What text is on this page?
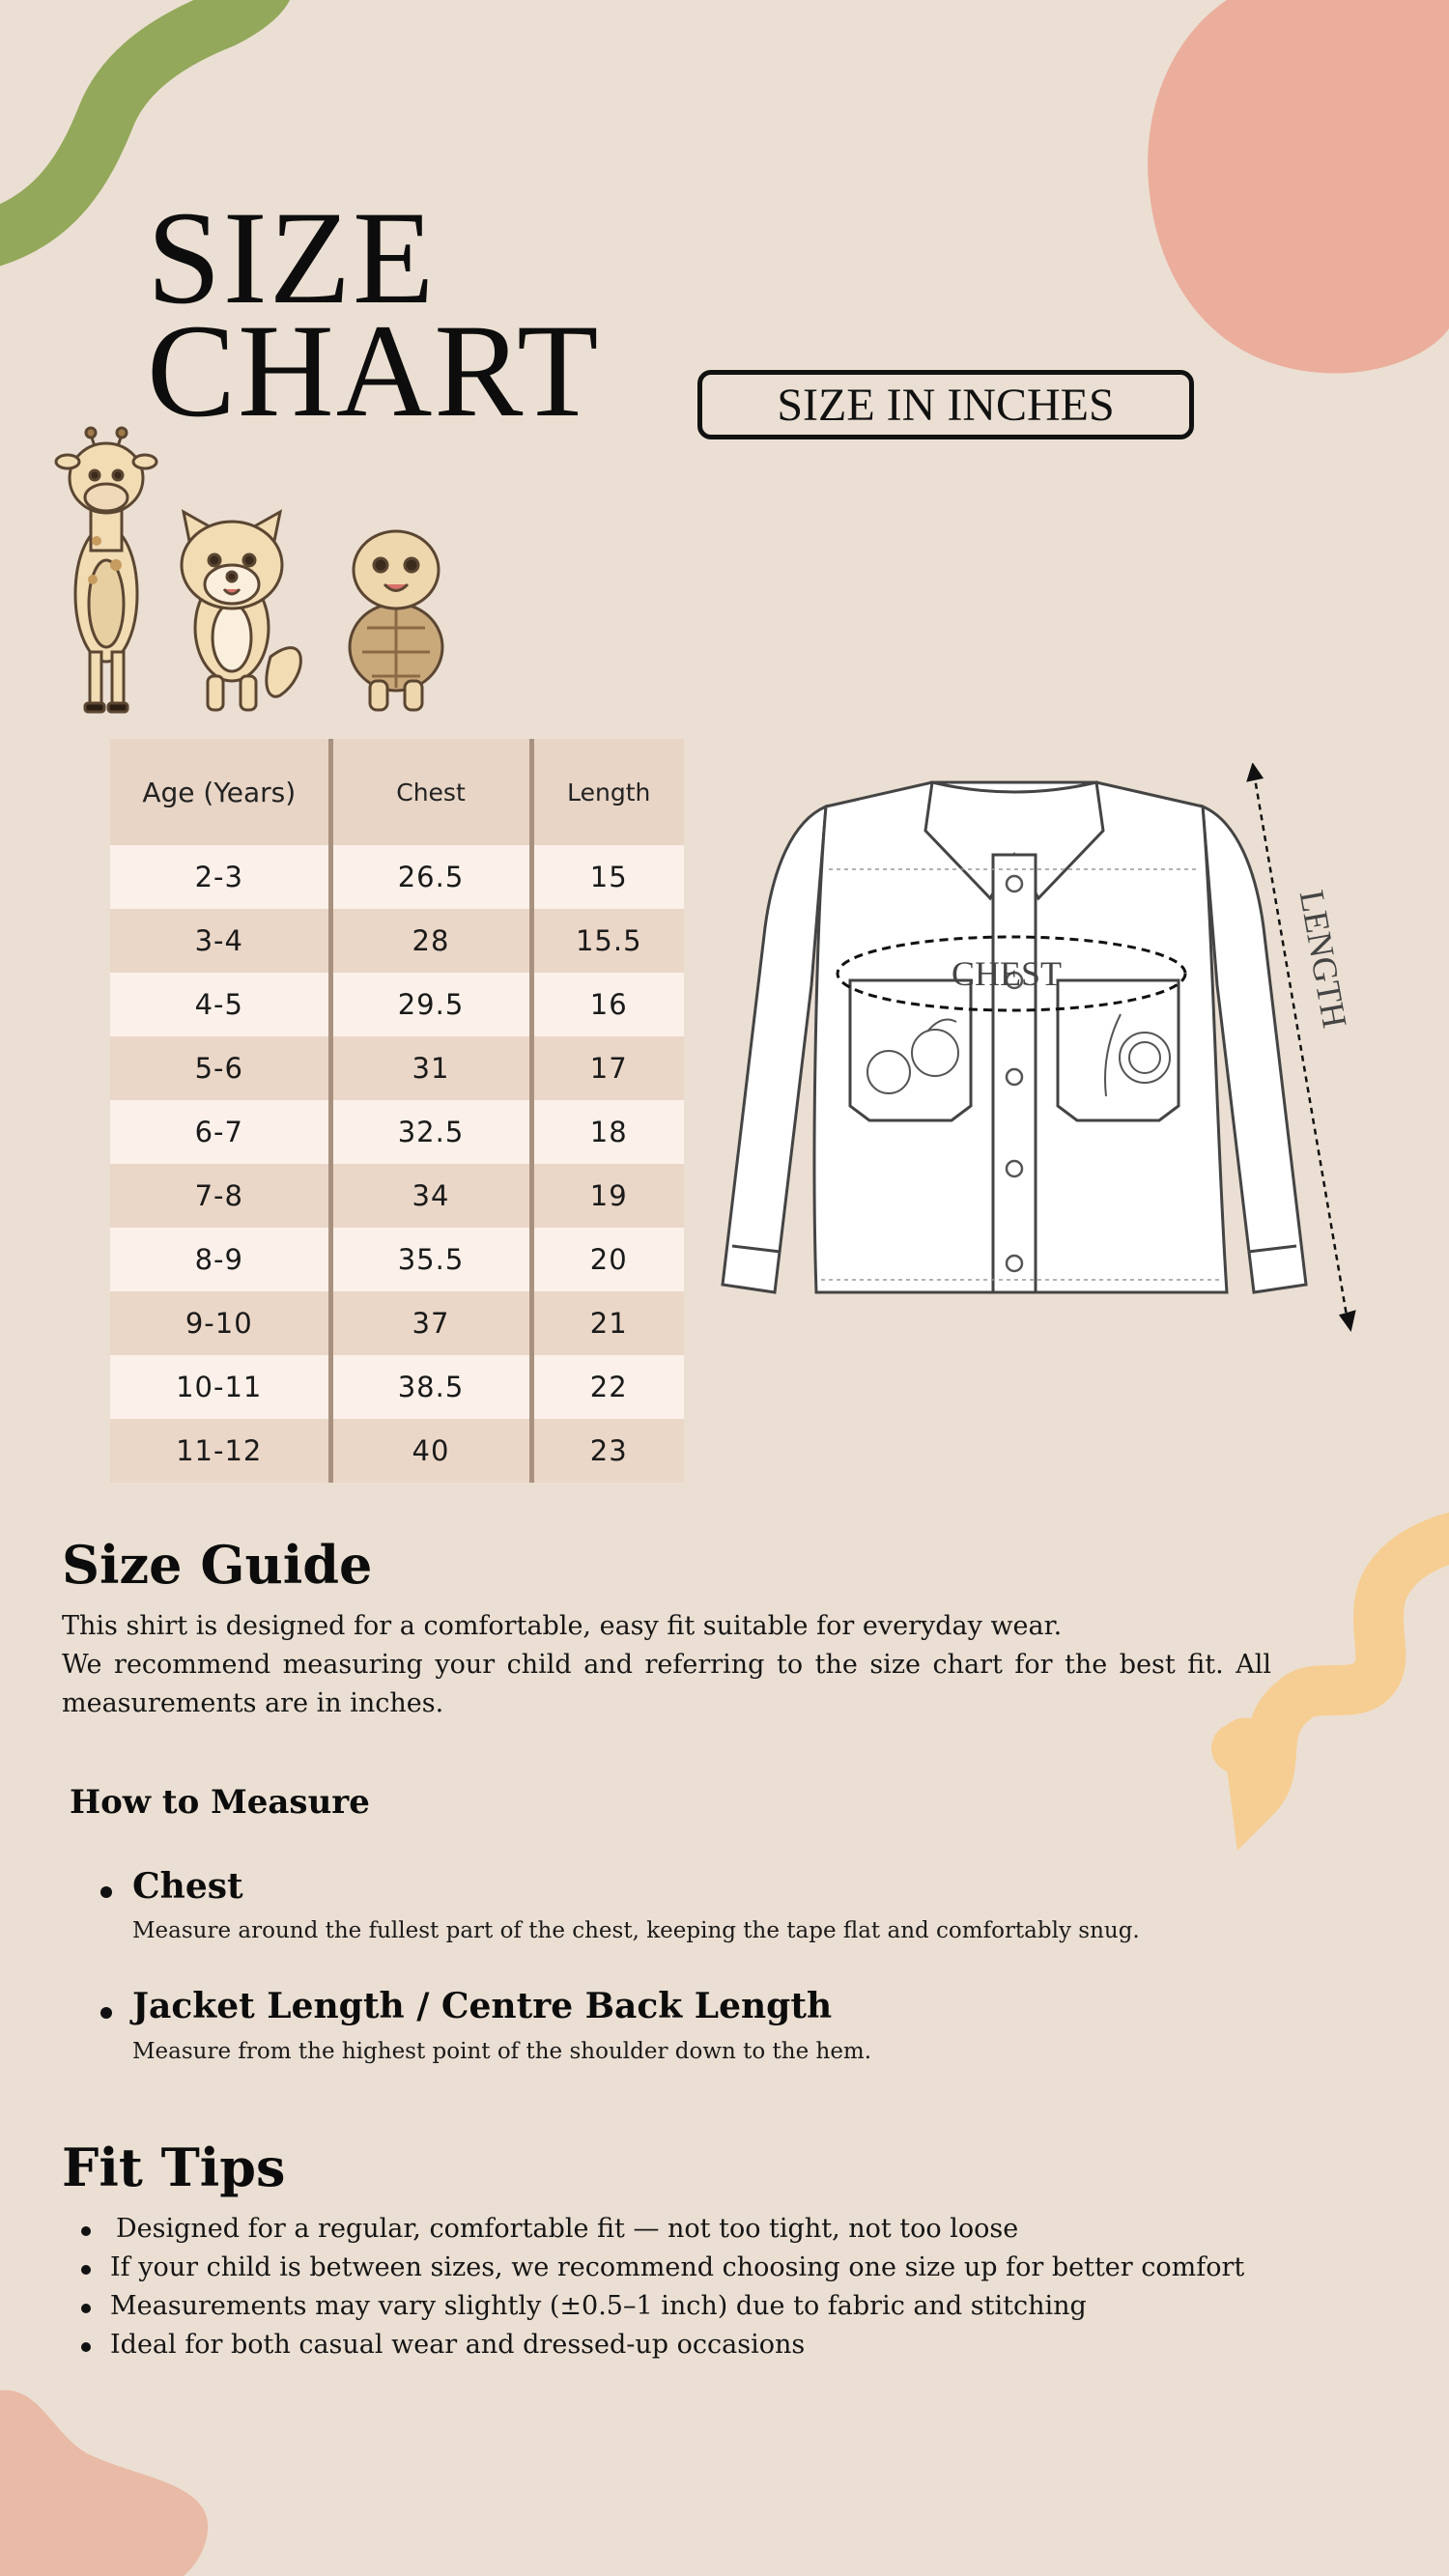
SIZE
CHART	SIZE IN INCHES
Age (Years)	Chest	Length
2-3	26.5	15
3-4	28	15.5
4-5	29.5	16
5-6	31	17
6-7	32.5	18
7-8	34	19
8-9	35.5	20
9-10	37	21
10-11	38.5	22
11-12	40	23
CHEST	LENGTH
Size Guide
This shirt is designed for a comfortable, easy fit suitable for everyday wear.
We recommend measuring your child and referring to the size chart for the best fit. All measurements are in inches.
How to Measure
Chest
Measure around the fullest part of the chest, keeping the tape flat and comfortably snug.
Jacket Length / Centre Back Length
Measure from the highest point of the shoulder down to the hem.
Fit Tips
Designed for a regular, comfortable fit — not too tight, not too loose
If your child is between sizes, we recommend choosing one size up for better comfort
Measurements may vary slightly (±0.5–1 inch) due to fabric and stitching
Ideal for both casual wear and dressed-up occasions
